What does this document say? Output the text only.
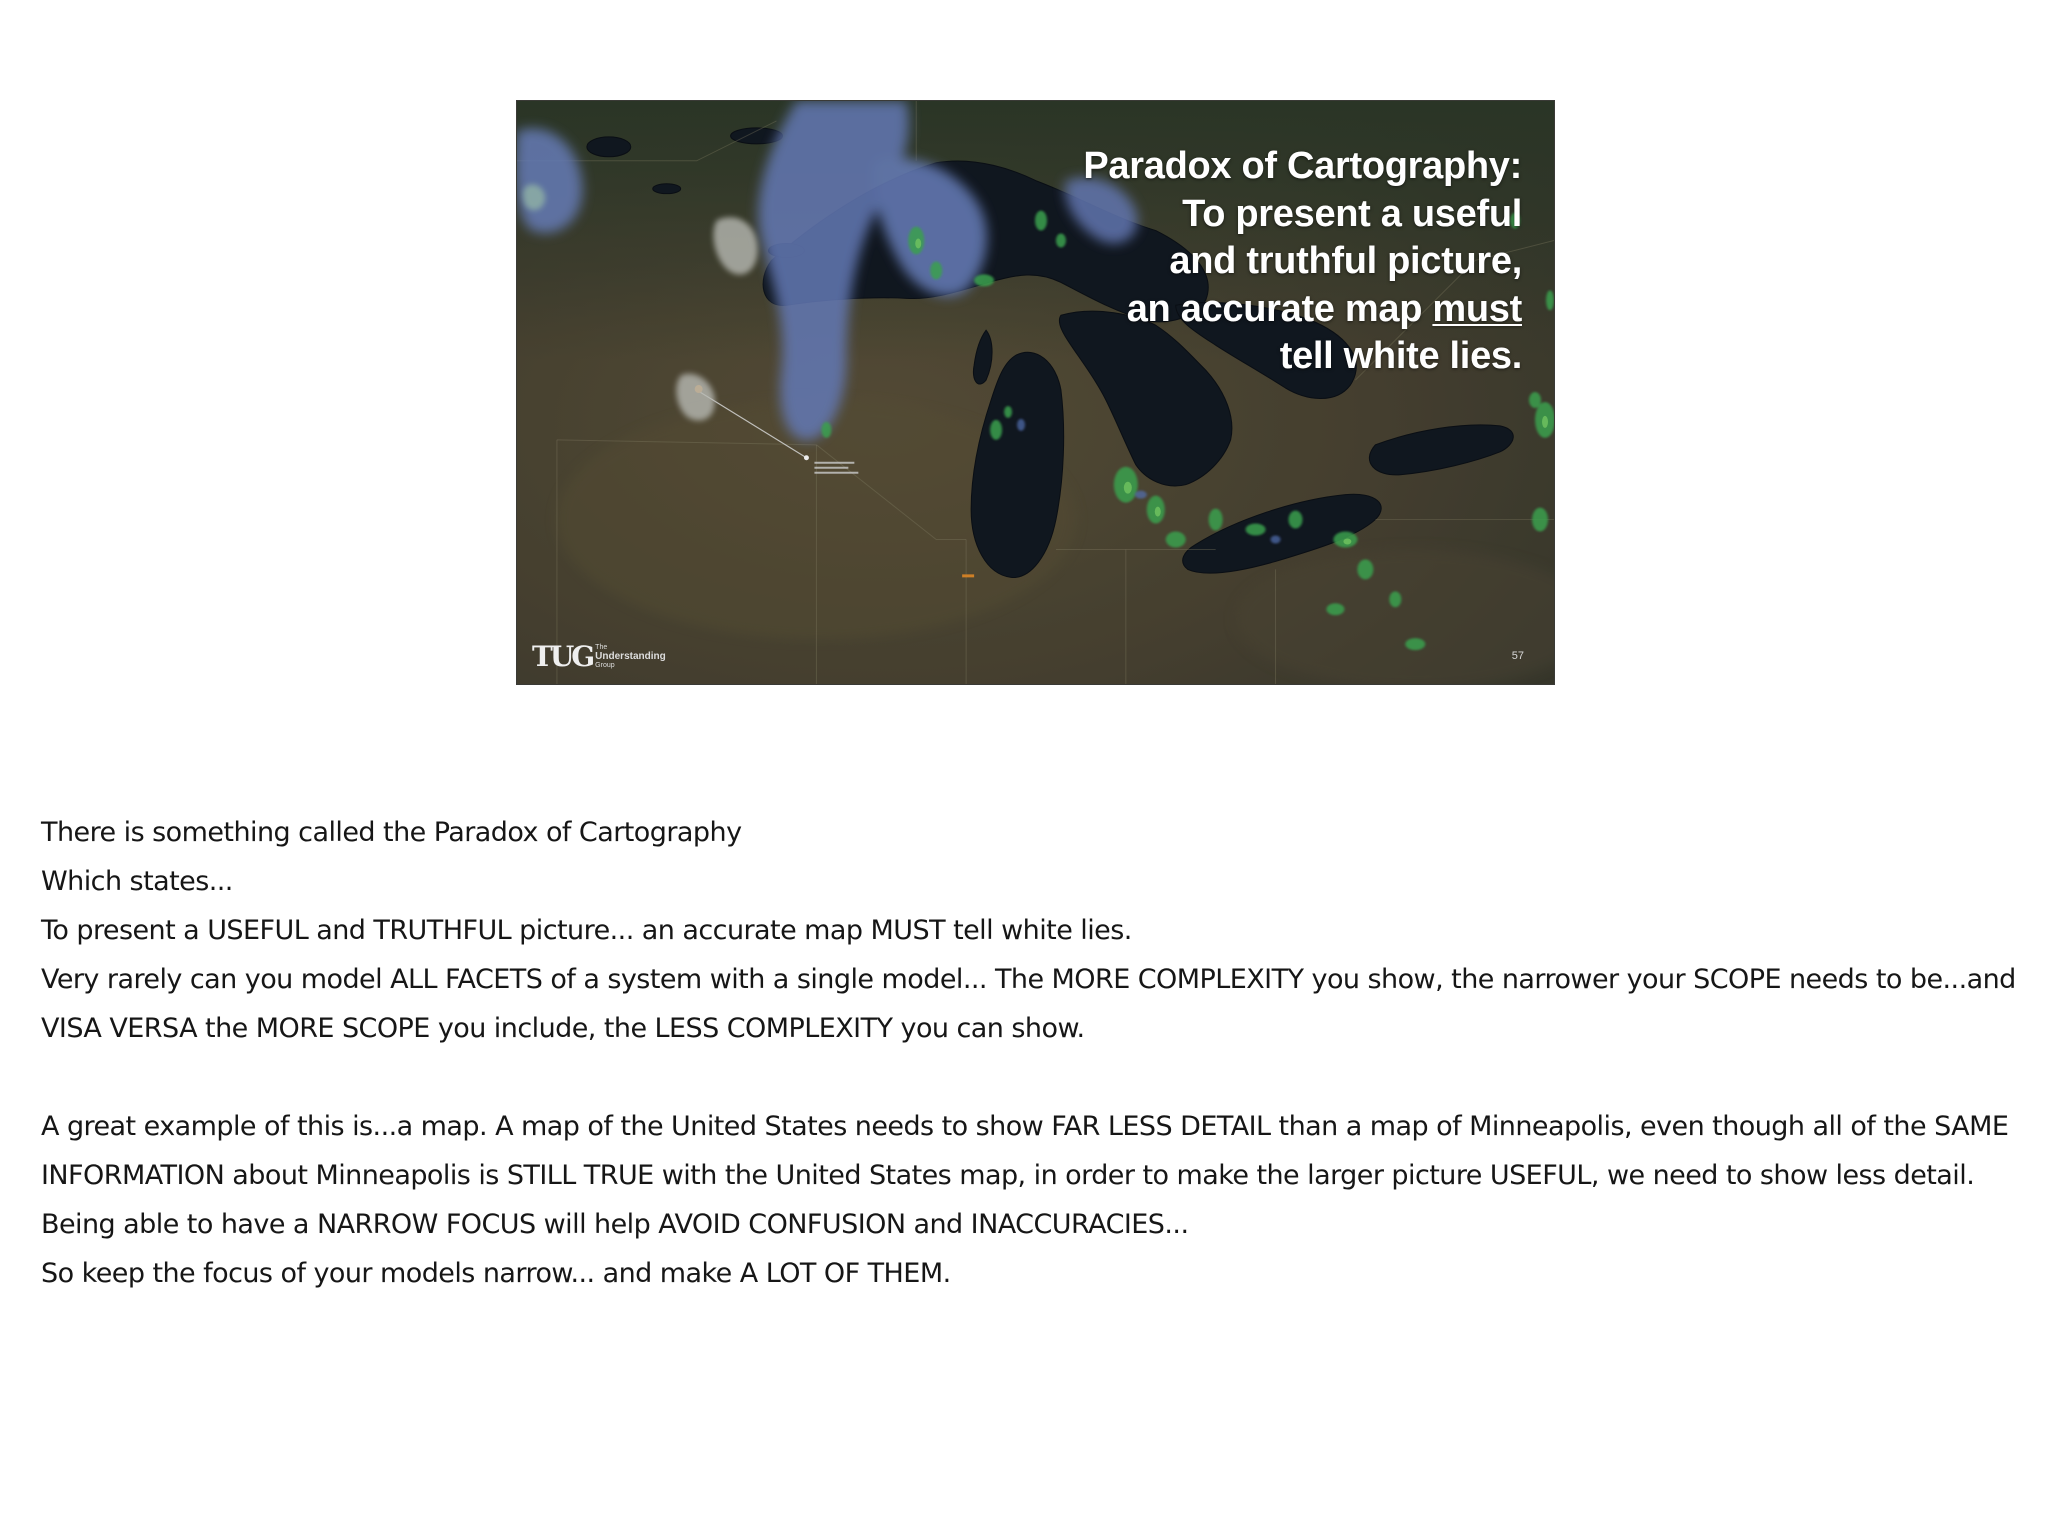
Paradox of Cartography:
To present a useful
and truthful picture,
an accurate map must
tell white lies.
TUG The
Understanding
Group
57

There is something called the Paradox of Cartography

Which states...

To present a USEFUL and TRUTHFUL picture... an accurate map MUST tell white lies.

Very rarely can you model ALL FACETS of a system with a single model... The MORE COMPLEXITY you show, the narrower your SCOPE needs to be...and

VISA VERSA the MORE SCOPE you include, the LESS COMPLEXITY you can show.

A great example of this is...a map. A map of the United States needs to show FAR LESS DETAIL than a map of Minneapolis, even though all of the SAME

INFORMATION about Minneapolis is STILL TRUE with the United States map, in order to make the larger picture USEFUL, we need to show less detail.

Being able to have a NARROW FOCUS will help AVOID CONFUSION and INACCURACIES...

So keep the focus of your models narrow... and make A LOT OF THEM.
